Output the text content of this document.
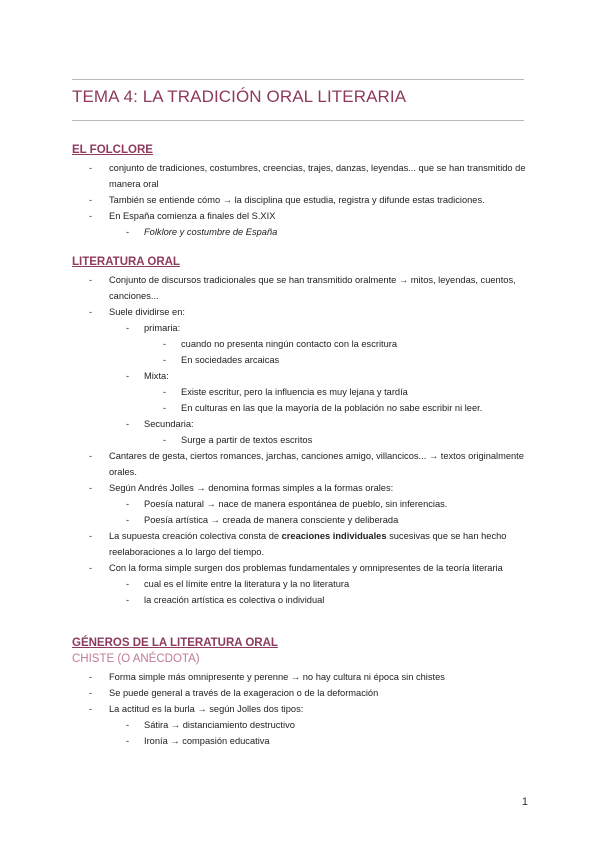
TEMA 4: LA TRADICIÓN ORAL LITERARIA
EL FOLCLORE
- conjunto de tradiciones, costumbres, creencias, trajes, danzas, leyendas... que se han transmitido de manera oral
- También se entiende cómo → la disciplina que estudia, registra y difunde estas tradiciones.
- En España comienza a finales del S.XIX
- Folklore y costumbre de España
LITERATURA ORAL
- Conjunto de discursos tradicionales que se han transmitido oralmente → mitos, leyendas, cuentos, canciones...
- Suele dividirse en:
- primaria:
- cuando no presenta ningún contacto con la escritura
- En sociedades arcaicas
- Mixta:
- Existe escritur, pero la influencia es muy lejana y tardía
- En culturas en las que la mayoría de la población no sabe escribir ni leer.
- Secundaria:
- Surge a partir de textos escritos
- Cantares de gesta, ciertos romances, jarchas, canciones amigo, villancicos... → textos originalmente orales.
- Según Andrés Jolles → denomina formas simples a la formas orales:
- Poesía natural → nace de manera espontánea de pueblo, sin inferencias.
- Poesía artística → creada de manera consciente y deliberada
- La supuesta creación colectiva consta de creaciones individuales sucesivas que se han hecho reelaboraciones a lo largo del tiempo.
- Con la forma simple surgen dos problemas fundamentales y omnipresentes de la teoría literaria
- cual es el límite entre la literatura y la no literatura
- la creación artística es colectiva o individual
GÉNEROS DE LA LITERATURA ORAL
CHISTE (O ANÉCDOTA)
- Forma simple más omnipresente y perenne → no hay cultura ni época sin chistes
- Se puede general a través de la exageracion o de la deformación
- La actitud es la burla → según Jolles dos tipos:
- Sátira → distanciamiento destructivo
- Ironía → compasión educativa
1
